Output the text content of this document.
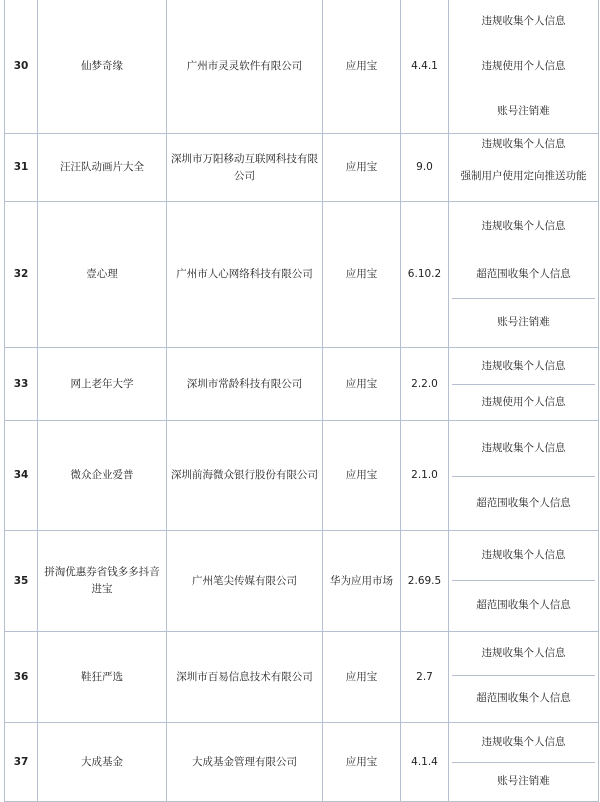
30	仙梦奇缘	广州市灵灵软件有限公司	应用宝	4.4.1	违规收集个人信息
违规使用个人信息
账号注销难

31	汪汪队动画片大全	深圳市万阳移动互联网科技有限公司	应用宝	9.0	违规收集个人信息
强制用户使用定向推送功能

32	壹心理	广州市人心网络科技有限公司	应用宝	6.10.2	违规收集个人信息
超范围收集个人信息
账号注销难

33	网上老年大学	深圳市常龄科技有限公司	应用宝	2.2.0	违规收集个人信息
违规使用个人信息

34	微众企业爱普	深圳前海微众银行股份有限公司	应用宝	2.1.0	违规收集个人信息
超范围收集个人信息

35	拼淘优惠券省钱多多抖音进宝	广州笔尖传媒有限公司	华为应用市场	2.69.5	违规收集个人信息
超范围收集个人信息

36	鞋狂严选	深圳市百易信息技术有限公司	应用宝	2.7	违规收集个人信息
超范围收集个人信息

37	大成基金	大成基金管理有限公司	应用宝	4.1.4	违规收集个人信息
账号注销难
